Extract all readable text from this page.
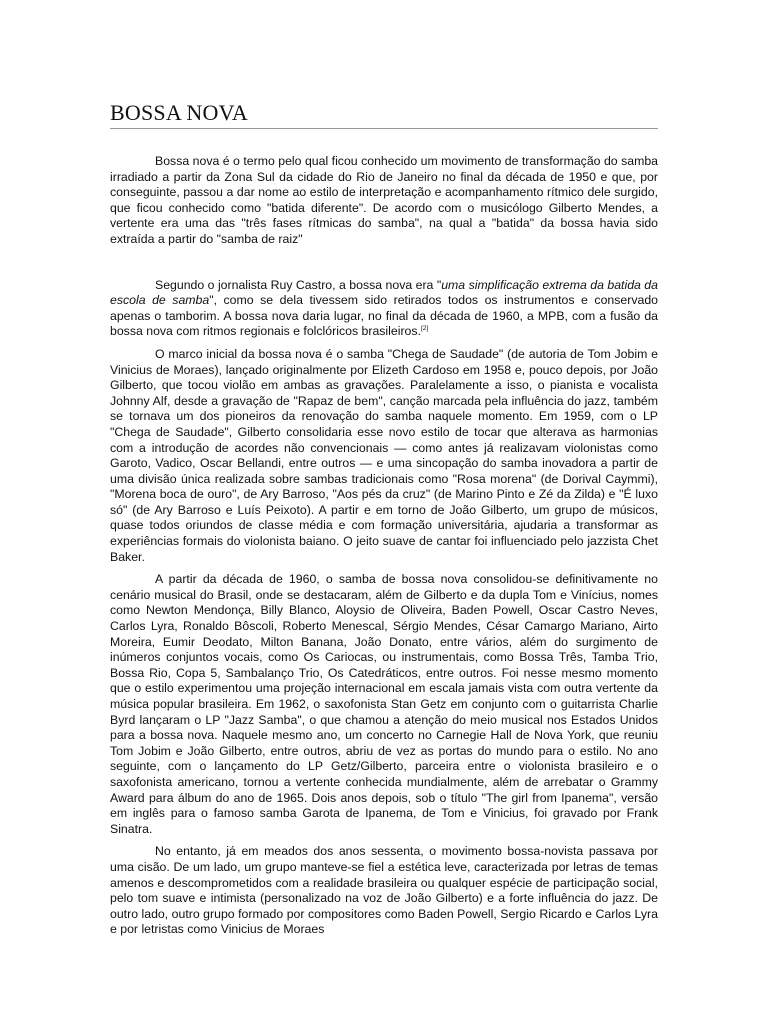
BOSSA NOVA

Bossa nova é o termo pelo qual ficou conhecido um movimento de transformação do samba irradiado a partir da Zona Sul da cidade do Rio de Janeiro no final da década de 1950 e que, por conseguinte, passou a dar nome ao estilo de interpretação e acompanhamento rítmico dele surgido, que ficou conhecido como "batida diferente". De acordo com o musicólogo Gilberto Mendes, a vertente era uma das "três fases rítmicas do samba", na qual a "batida" da bossa havia sido extraída a partir do "samba de raiz"

Segundo o jornalista Ruy Castro, a bossa nova era "uma simplificação extrema da batida da escola de samba", como se dela tivessem sido retirados todos os instrumentos e conservado apenas o tamborim. A bossa nova daria lugar, no final da década de 1960, a MPB, com a fusão da bossa nova com ritmos regionais e folclóricos brasileiros.[2]

O marco inicial da bossa nova é o samba "Chega de Saudade" (de autoria de Tom Jobim e Vinicius de Moraes), lançado originalmente por Elizeth Cardoso em 1958 e, pouco depois, por João Gilberto, que tocou violão em ambas as gravações. Paralelamente a isso, o pianista e vocalista Johnny Alf, desde a gravação de "Rapaz de bem", canção marcada pela influência do jazz, também se tornava um dos pioneiros da renovação do samba naquele momento. Em 1959, com o LP "Chega de Saudade", Gilberto consolidaria esse novo estilo de tocar que alterava as harmonias com a introdução de acordes não convencionais — como antes já realizavam violonistas como Garoto, Vadico, Oscar Bellandi, entre outros — e uma sincopação do samba inovadora a partir de uma divisão única realizada sobre sambas tradicionais como "Rosa morena" (de Dorival Caymmi), "Morena boca de ouro", de Ary Barroso, "Aos pés da cruz" (de Marino Pinto e Zé da Zilda) e "É luxo só" (de Ary Barroso e Luís Peixoto). A partir e em torno de João Gilberto, um grupo de músicos, quase todos oriundos de classe média e com formação universitária, ajudaria a transformar as experiências formais do violonista baiano. O jeito suave de cantar foi influenciado pelo jazzista Chet Baker.

A partir da década de 1960, o samba de bossa nova consolidou-se definitivamente no cenário musical do Brasil, onde se destacaram, além de Gilberto e da dupla Tom e Vinícius, nomes como Newton Mendonça, Billy Blanco, Aloysio de Oliveira, Baden Powell, Oscar Castro Neves, Carlos Lyra, Ronaldo Bôscoli, Roberto Menescal, Sérgio Mendes, César Camargo Mariano, Airto Moreira, Eumir Deodato, Milton Banana, João Donato, entre vários, além do surgimento de inúmeros conjuntos vocais, como Os Cariocas, ou instrumentais, como Bossa Três, Tamba Trio, Bossa Rio, Copa 5, Sambalanço Trio, Os Catedráticos, entre outros. Foi nesse mesmo momento que o estilo experimentou uma projeção internacional em escala jamais vista com outra vertente da música popular brasileira. Em 1962, o saxofonista Stan Getz em conjunto com o guitarrista Charlie Byrd lançaram o LP "Jazz Samba", o que chamou a atenção do meio musical nos Estados Unidos para a bossa nova. Naquele mesmo ano, um concerto no Carnegie Hall de Nova York, que reuniu Tom Jobim e João Gilberto, entre outros, abriu de vez as portas do mundo para o estilo. No ano seguinte, com o lançamento do LP Getz/Gilberto, parceira entre o violonista brasileiro e o saxofonista americano, tornou a vertente conhecida mundialmente, além de arrebatar o Grammy Award para álbum do ano de 1965. Dois anos depois, sob o título "The girl from Ipanema", versão em inglês para o famoso samba Garota de Ipanema, de Tom e Vinicius, foi gravado por Frank Sinatra.

No entanto, já em meados dos anos sessenta, o movimento bossa-novista passava por uma cisão. De um lado, um grupo manteve-se fiel a estética leve, caracterizada por letras de temas amenos e descomprometidos com a realidade brasileira ou qualquer espécie de participação social, pelo tom suave e intimista (personalizado na voz de João Gilberto) e a forte influência do jazz. De outro lado, outro grupo formado por compositores como Baden Powell, Sergio Ricardo e Carlos Lyra e por letristas como Vinicius de Moraes
